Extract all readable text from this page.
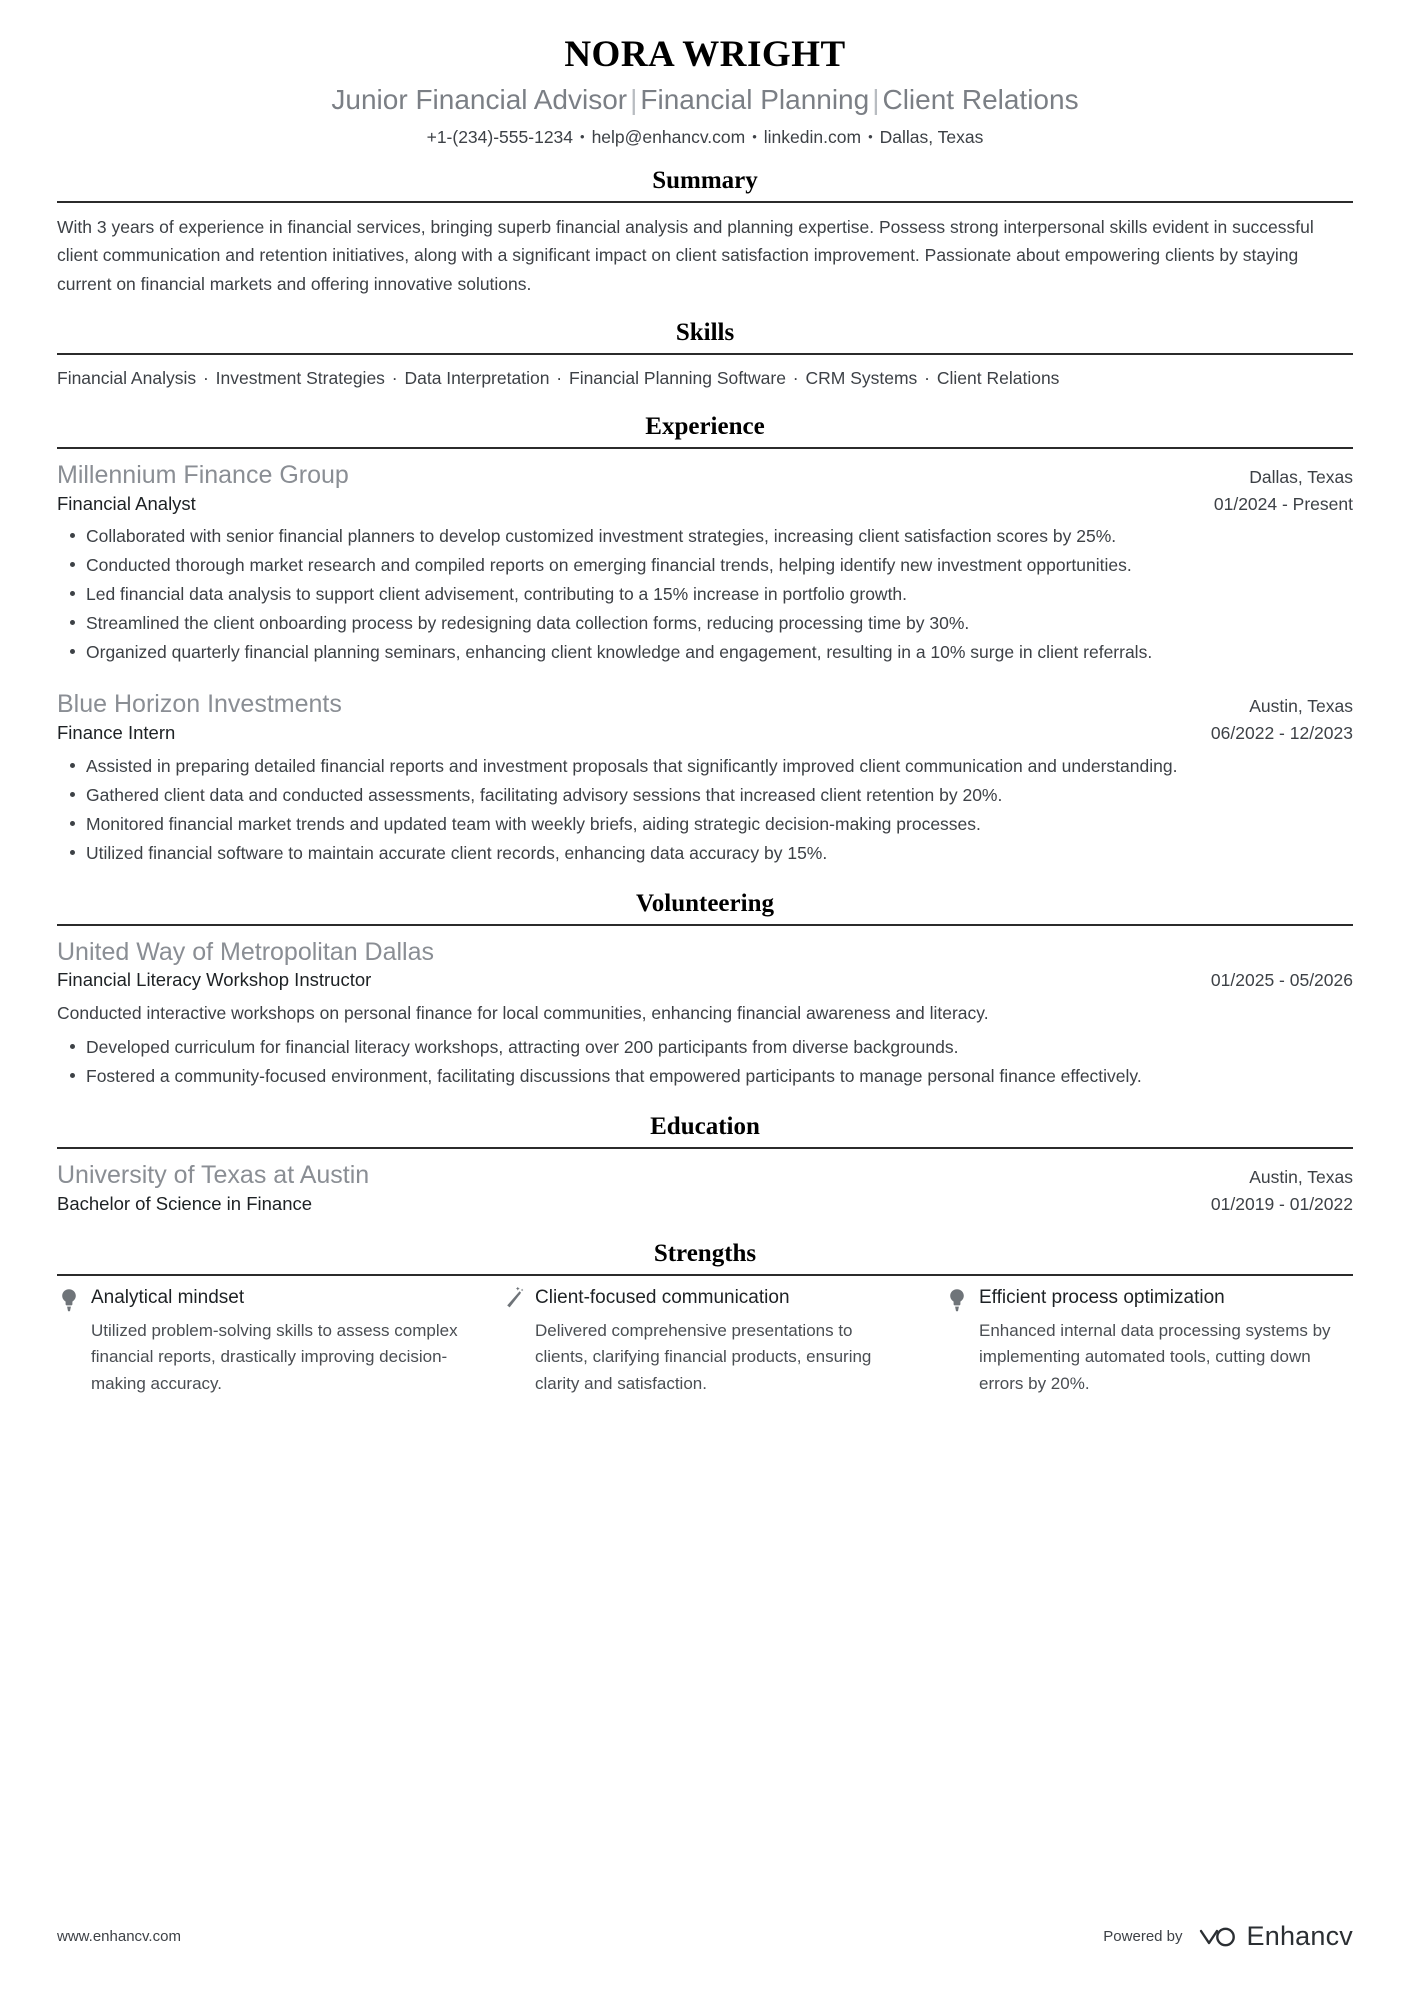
NORA WRIGHT
Junior Financial Advisor | Financial Planning | Client Relations
+1-(234)-555-1234 • help@enhancv.com • linkedin.com • Dallas, Texas
Summary
With 3 years of experience in financial services, bringing superb financial analysis and planning expertise. Possess strong interpersonal skills evident in successful client communication and retention initiatives, along with a significant impact on client satisfaction improvement. Passionate about empowering clients by staying current on financial markets and offering innovative solutions.
Skills
Financial Analysis · Investment Strategies · Data Interpretation · Financial Planning Software · CRM Systems · Client Relations
Experience
Millennium Finance Group	Dallas, Texas
Financial Analyst	01/2024 - Present
Collaborated with senior financial planners to develop customized investment strategies, increasing client satisfaction scores by 25%.
Conducted thorough market research and compiled reports on emerging financial trends, helping identify new investment opportunities.
Led financial data analysis to support client advisement, contributing to a 15% increase in portfolio growth.
Streamlined the client onboarding process by redesigning data collection forms, reducing processing time by 30%.
Organized quarterly financial planning seminars, enhancing client knowledge and engagement, resulting in a 10% surge in client referrals.
Blue Horizon Investments	Austin, Texas
Finance Intern	06/2022 - 12/2023
Assisted in preparing detailed financial reports and investment proposals that significantly improved client communication and understanding.
Gathered client data and conducted assessments, facilitating advisory sessions that increased client retention by 20%.
Monitored financial market trends and updated team with weekly briefs, aiding strategic decision-making processes.
Utilized financial software to maintain accurate client records, enhancing data accuracy by 15%.
Volunteering
United Way of Metropolitan Dallas
Financial Literacy Workshop Instructor	01/2025 - 05/2026
Conducted interactive workshops on personal finance for local communities, enhancing financial awareness and literacy.
Developed curriculum for financial literacy workshops, attracting over 200 participants from diverse backgrounds.
Fostered a community-focused environment, facilitating discussions that empowered participants to manage personal finance effectively.
Education
University of Texas at Austin	Austin, Texas
Bachelor of Science in Finance	01/2019 - 01/2022
Strengths
Analytical mindset
Utilized problem-solving skills to assess complex financial reports, drastically improving decision-making accuracy.
Client-focused communication
Delivered comprehensive presentations to clients, clarifying financial products, ensuring clarity and satisfaction.
Efficient process optimization
Enhanced internal data processing systems by implementing automated tools, cutting down errors by 20%.
www.enhancv.com	Powered by Enhancv
